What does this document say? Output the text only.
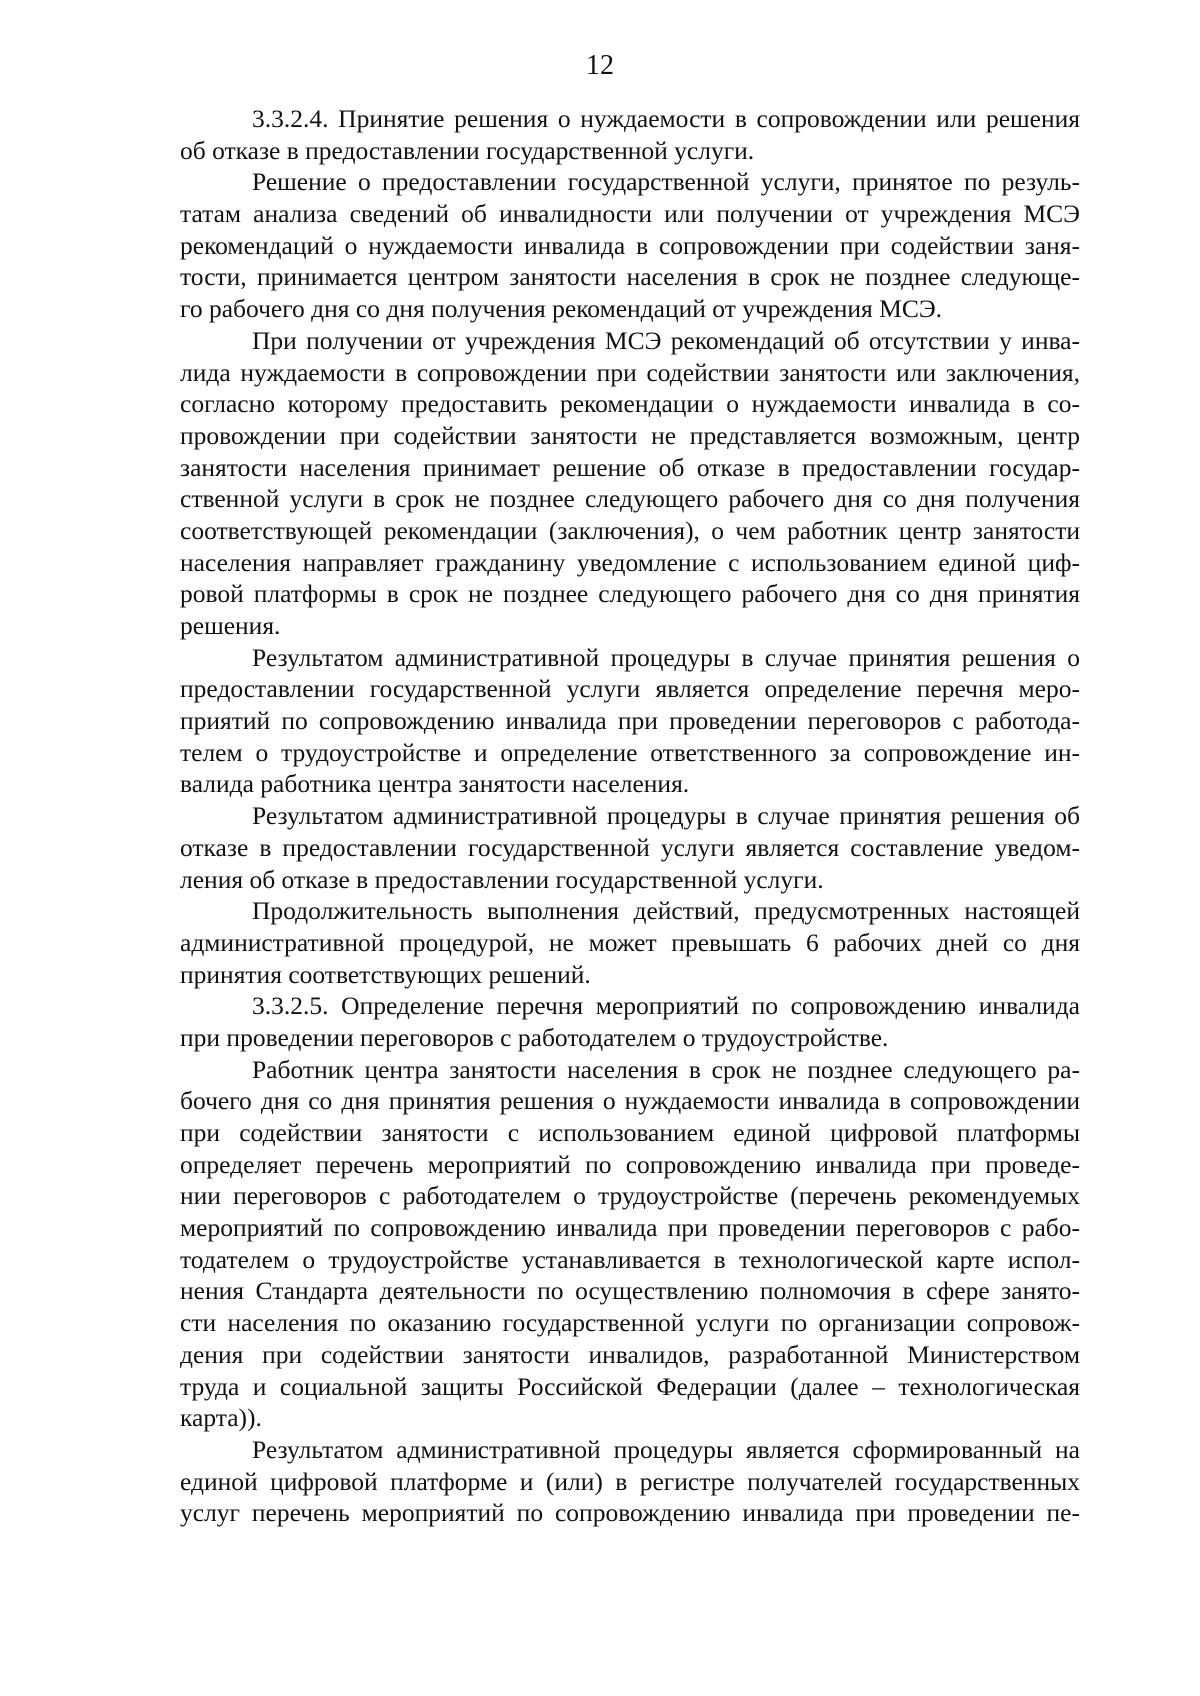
12
3.3.2.4. Принятие решения о нуждаемости в сопровождении или решения
об отказе в предоставлении государственной услуги.
Решение о предоставлении государственной услуги, принятое по резуль-
татам анализа сведений об инвалидности или получении от учреждения МСЭ
рекомендаций о нуждаемости инвалида в сопровождении при содействии заня-
тости, принимается центром занятости населения в срок не позднее следующе-
го рабочего дня со дня получения рекомендаций от учреждения МСЭ.
При получении от учреждения МСЭ рекомендаций об отсутствии у инва-
лида нуждаемости в сопровождении при содействии занятости или заключения,
согласно которому предоставить рекомендации о нуждаемости инвалида в со-
провождении при содействии занятости не представляется возможным, центр
занятости населения принимает решение об отказе в предоставлении государ-
ственной услуги в срок не позднее следующего рабочего дня со дня получения
соответствующей рекомендации (заключения), о чем работник центр занятости
населения направляет гражданину уведомление с использованием единой циф-
ровой платформы в срок не позднее следующего рабочего дня со дня принятия
решения.
Результатом административной процедуры в случае принятия решения о
предоставлении государственной услуги является определение перечня меро-
приятий по сопровождению инвалида при проведении переговоров с работода-
телем о трудоустройстве и определение ответственного за сопровождение ин-
валида работника центра занятости населения.
Результатом административной процедуры в случае принятия решения об
отказе в предоставлении государственной услуги является составление уведом-
ления об отказе в предоставлении государственной услуги.
Продолжительность выполнения действий, предусмотренных настоящей
административной процедурой, не может превышать 6 рабочих дней со дня
принятия соответствующих решений.
3.3.2.5. Определение перечня мероприятий по сопровождению инвалида
при проведении переговоров с работодателем о трудоустройстве.
Работник центра занятости населения в срок не позднее следующего ра-
бочего дня со дня принятия решения о нуждаемости инвалида в сопровождении
при содействии занятости с использованием единой цифровой платформы
определяет перечень мероприятий по сопровождению инвалида при проведе-
нии переговоров с работодателем о трудоустройстве (перечень рекомендуемых
мероприятий по сопровождению инвалида при проведении переговоров с рабо-
тодателем о трудоустройстве устанавливается в технологической карте испол-
нения Стандарта деятельности по осуществлению полномочия в сфере занято-
сти населения по оказанию государственной услуги по организации сопровож-
дения при содействии занятости инвалидов, разработанной Министерством
труда и социальной защиты Российской Федерации (далее – технологическая
карта)).
Результатом административной процедуры является сформированный на
единой цифровой платформе и (или) в регистре получателей государственных
услуг перечень мероприятий по сопровождению инвалида при проведении пе-
